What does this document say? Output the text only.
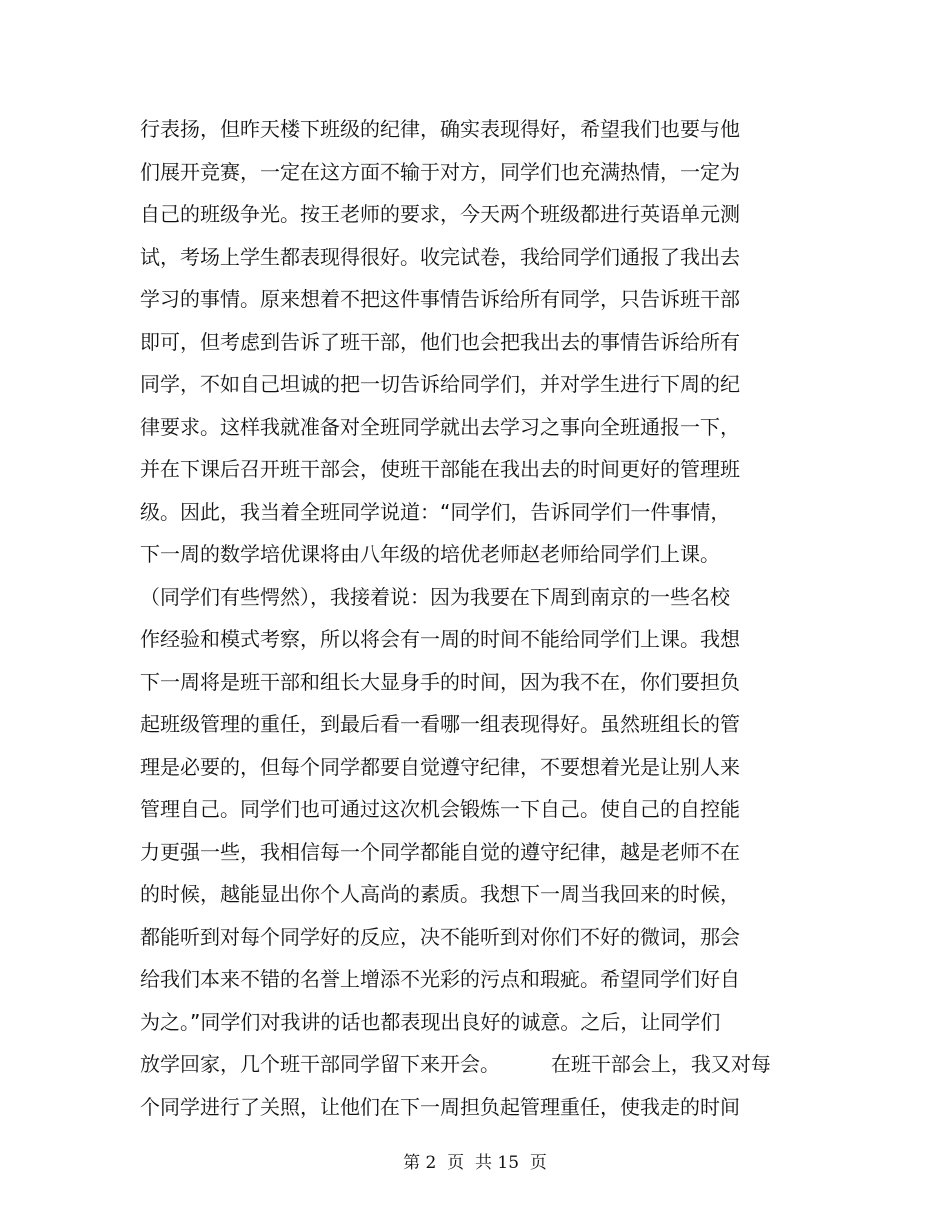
行表扬，但昨天楼下班级的纪律，确实表现得好，希望我们也要与他
们展开竞赛，一定在这方面不输于对方，同学们也充满热情，一定为
自己的班级争光。按王老师的要求，今天两个班级都进行英语单元测
试，考场上学生都表现得很好。收完试卷，我给同学们通报了我出去
学习的事情。原来想着不把这件事情告诉给所有同学，只告诉班干部
即可，但考虑到告诉了班干部，他们也会把我出去的事情告诉给所有
同学，不如自己坦诚的把一切告诉给同学们，并对学生进行下周的纪
律要求。这样我就准备对全班同学就出去学习之事向全班通报一下，
并在下课后召开班干部会，使班干部能在我出去的时间更好的管理班
级。因此，我当着全班同学说道：“同学们，告诉同学们一件事情，
下一周的数学培优课将由八年级的培优老师赵老师给同学们上课。
（同学们有些愕然），我接着说：因为我要在下周到南京的一些名校
作经验和模式考察，所以将会有一周的时间不能给同学们上课。我想
下一周将是班干部和组长大显身手的时间，因为我不在，你们要担负
起班级管理的重任，到最后看一看哪一组表现得好。虽然班组长的管
理是必要的，但每个同学都要自觉遵守纪律，不要想着光是让别人来
管理自己。同学们也可通过这次机会锻炼一下自己。使自己的自控能
力更强一些，我相信每一个同学都能自觉的遵守纪律，越是老师不在
的时候，越能显出你个人高尚的素质。我想下一周当我回来的时候，
都能听到对每个同学好的反应，决不能听到对你们不好的微词，那会
给我们本来不错的名誉上增添不光彩的污点和瑕疵。希望同学们好自
为之。”同学们对我讲的话也都表现出良好的诚意。之后，让同学们
放学回家，几个班干部同学留下来开会。        在班干部会上，我又对每
个同学进行了关照，让他们在下一周担负起管理重任，使我走的时间
第 2  页  共 15  页
